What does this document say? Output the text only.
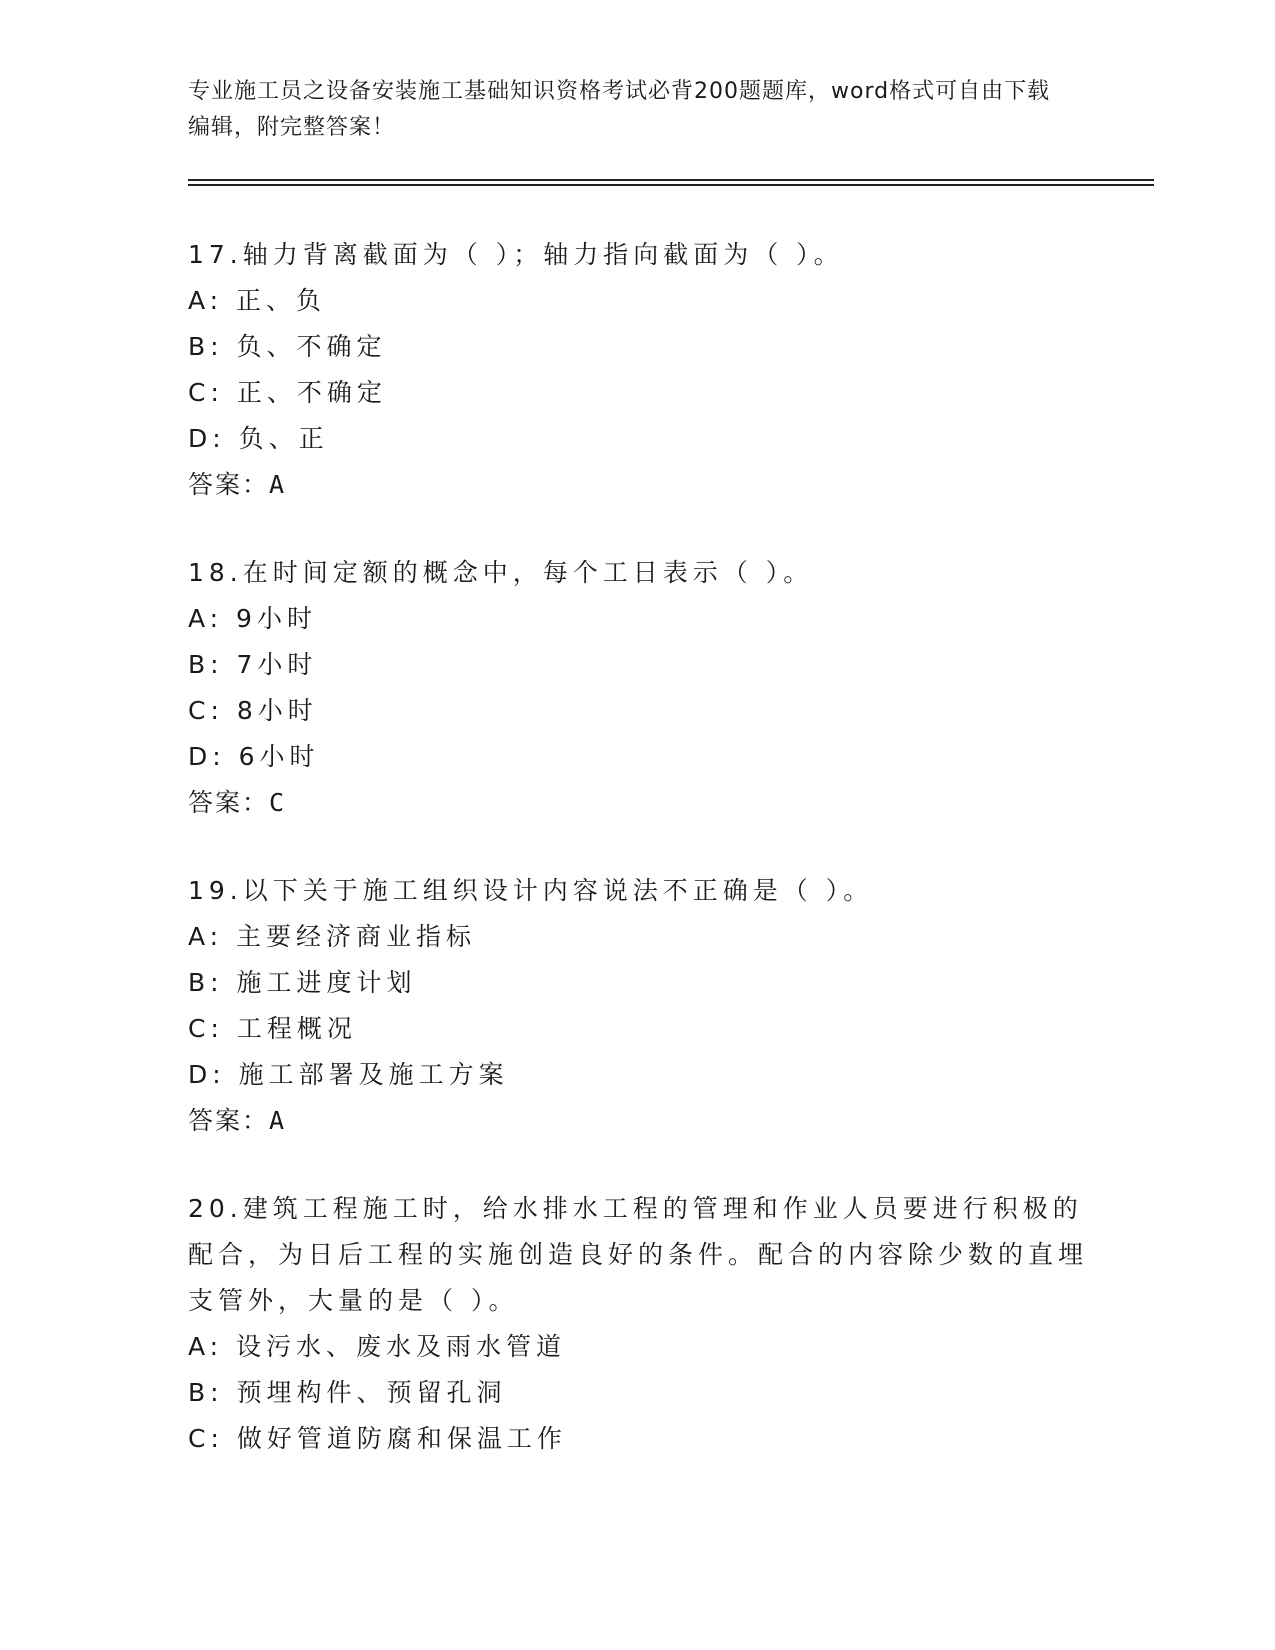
专业施工员之设备安装施工基础知识资格考试必背200题题库，word格式可自由下载编辑，附完整答案！
17.轴力背离截面为（ ）；轴力指向截面为（ ）。
A: 正、负
B: 负、不确定
C: 正、不确定
D: 负、正
答案：A
18.在时间定额的概念中，每个工日表示（ ）。
A: 9小时
B: 7小时
C: 8小时
D: 6小时
答案：C
19.以下关于施工组织设计内容说法不正确是（ ）。
A: 主要经济商业指标
B: 施工进度计划
C: 工程概况
D: 施工部署及施工方案
答案：A
20.建筑工程施工时，给水排水工程的管理和作业人员要进行积极的配合，为日后工程的实施创造良好的条件。配合的内容除少数的直埋支管外，大量的是（ ）。
A: 设污水、废水及雨水管道
B: 预埋构件、预留孔洞
C: 做好管道防腐和保温工作
